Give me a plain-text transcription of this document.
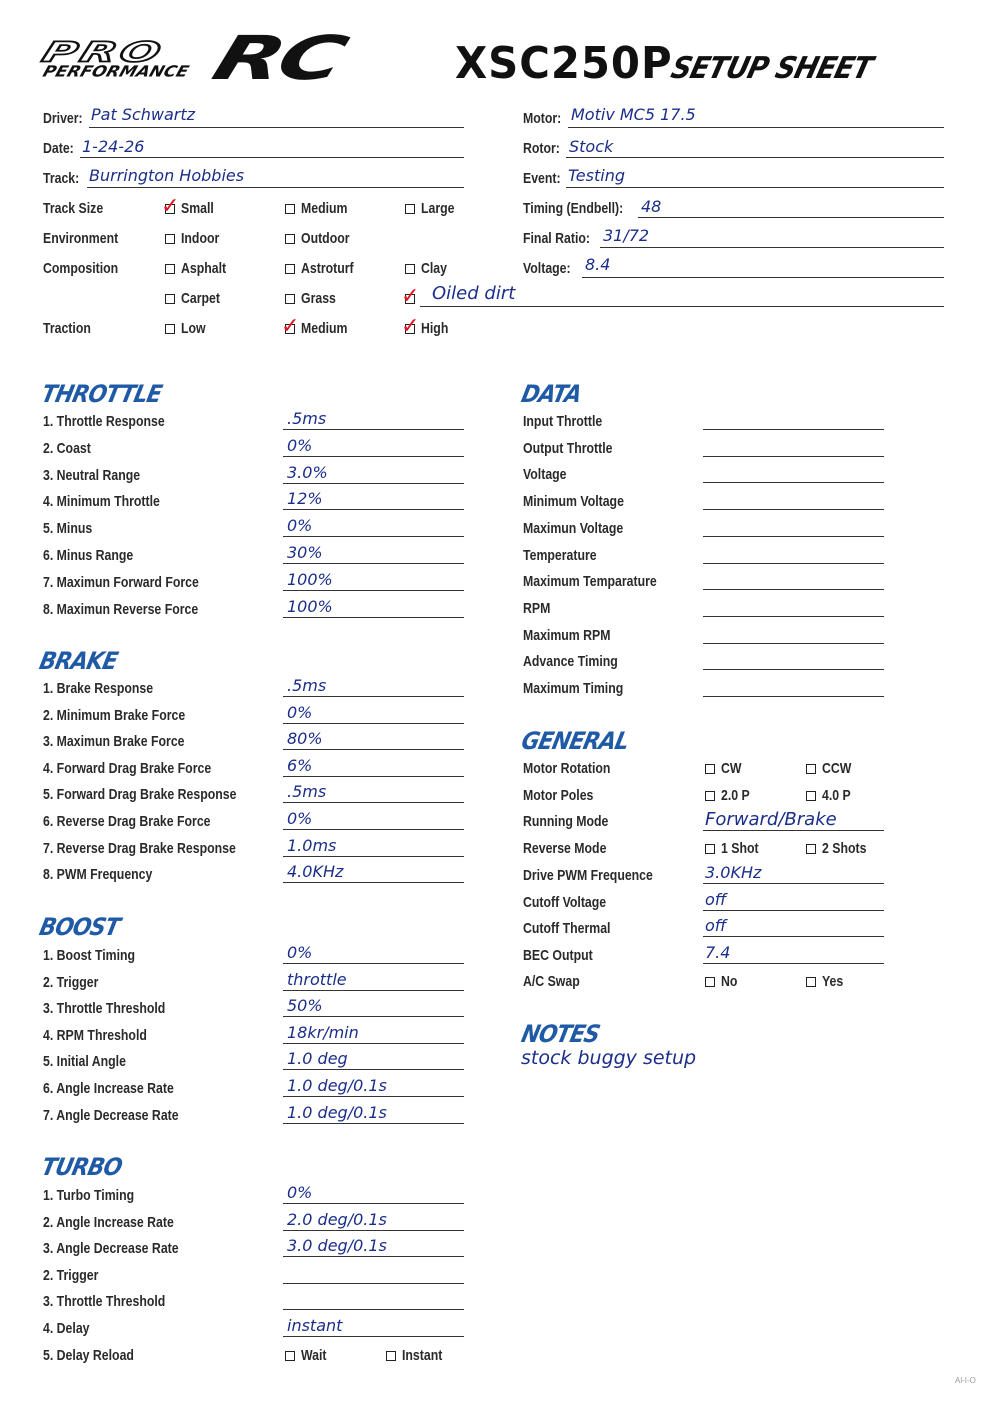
PRO
PERFORMANCE RC XSC250P
SETUP SHEET
Driver: Pat Schwartz
Date: 1-24-26
Track: Burrington Hobbies
Motor: Motiv MC5 17.5
Rotor: Stock
Event: Testing
Timing (Endbell): 48
Final Ratio: 31/72
Voltage: 8.4
Track Size	✓ Small	Medium	Large
Environment	Indoor	Outdoor
Composition	Asphalt	Astroturf	Clay
Carpet	Grass	✓ Oiled dirt
Traction	Low	✓ Medium ✓ High
THROTTLE
BRAKE
BOOST
TURBO
DATA
GENERAL
NOTES
1. Throttle Response	.5ms
2. Coast	0%
3. Neutral Range	3.0%
4. Minimum Throttle	12%
5. Minus	0%
6. Minus Range	30%
7. Maximun Forward Force	100%
8. Maximun Reverse Force	100%
1. Brake Response	.5ms
2. Minimum Brake Force	0%
3. Maximun Brake Force	80%
4. Forward Drag Brake Force	6%
5. Forward Drag Brake Response	.5ms
6. Reverse Drag Brake Force	0%
7. Reverse Drag Brake Response	1.0ms
8. PWM Frequency	4.0KHz
1. Boost Timing	0%
2. Trigger	throttle
3. Throttle Threshold	50%
4. RPM Threshold	18kr/min
5. Initial Angle	1.0 deg
6. Angle Increase Rate	1.0 deg/0.1s
7. Angle Decrease Rate	1.0 deg/0.1s
1. Turbo Timing	0%
2. Angle Increase Rate	2.0 deg/0.1s
3. Angle Decrease Rate	3.0 deg/0.1s
2. Trigger
3. Throttle Threshold
4. Delay	instant
Input Throttle
Output Throttle
Voltage
Minimum Voltage
Maximun Voltage
Temperature
Maximum Temparature
RPM
Maximum RPM
Advance Timing
Maximum Timing
Drive PWM Frequence	3.0KHz
Cutoff Voltage	off
Cutoff Thermal	off
BEC Output	7.4
5. Delay Reload	Wait	Instant
Motor Rotation	CW	CCW
Motor Poles	2.0 P	4.0 P
Running Mode	Forward/Brake
Reverse Mode	1 Shot	2 Shots
A/C Swap	No	Yes
stock buggy setup
Al-I-O
